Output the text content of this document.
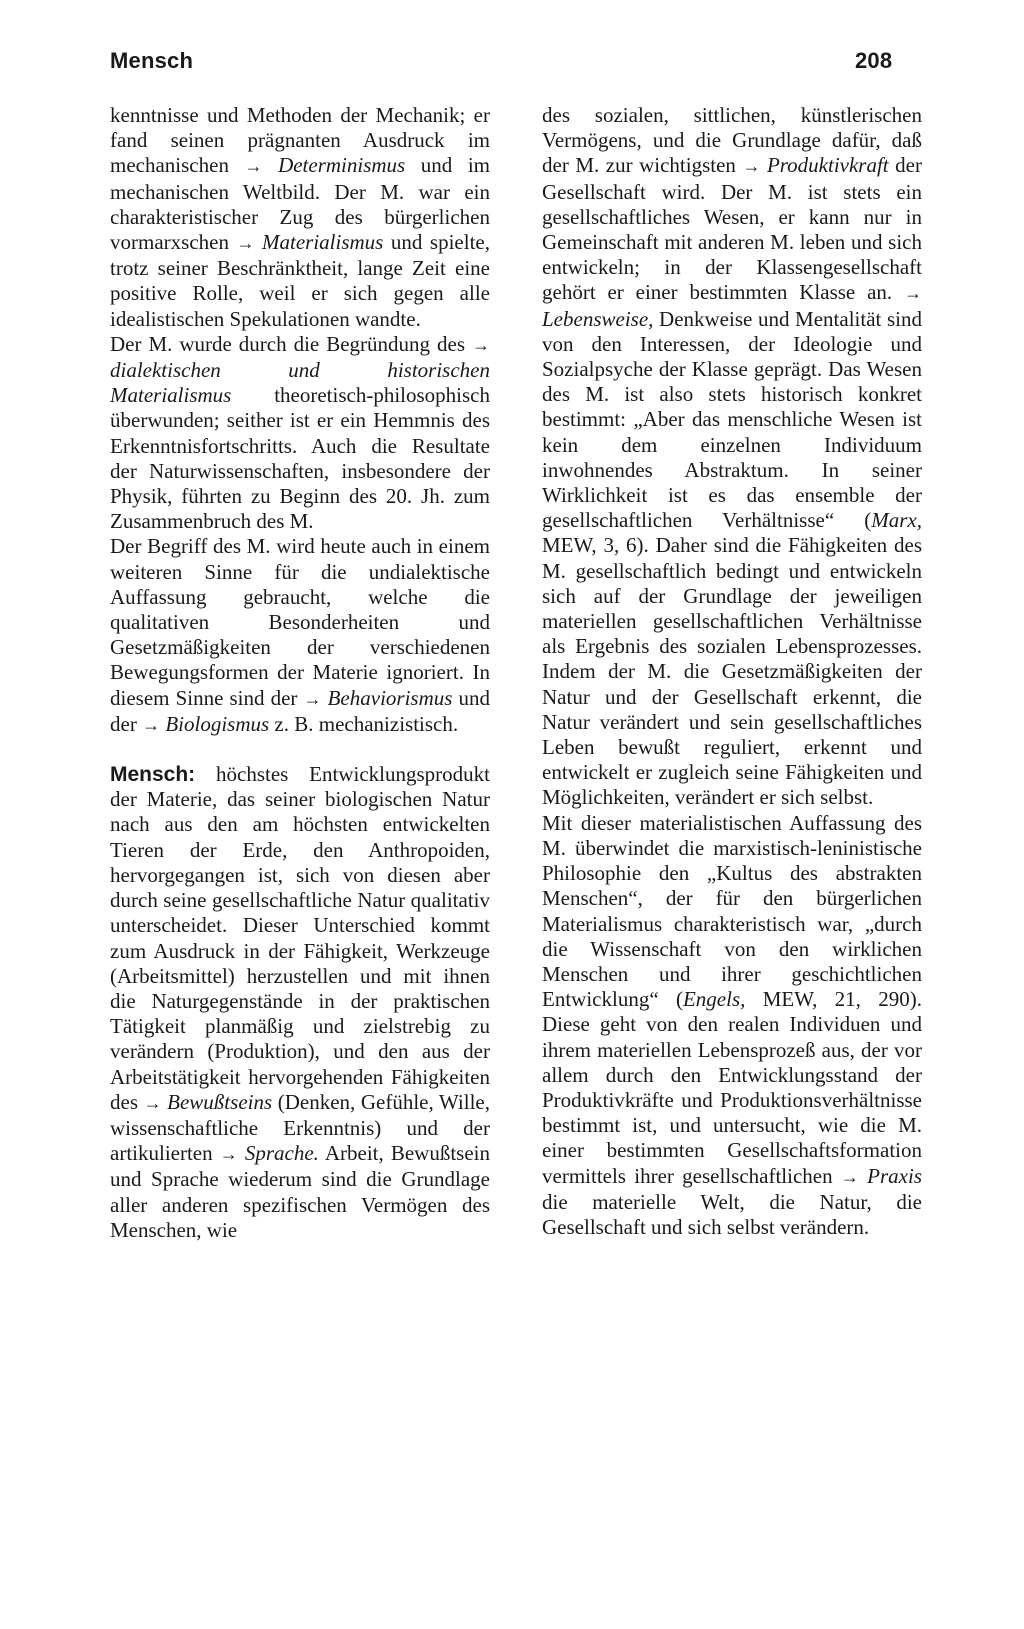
Mensch	208

kenntnisse und Methoden der Mechanik; er fand seinen prägnanten Ausdruck im mechanischen → Determinismus und im mechanischen Weltbild. Der M. war ein charakteristischer Zug des bürgerlichen vormarxschen → Materialismus und spielte, trotz seiner Beschränktheit, lange Zeit eine positive Rolle, weil er sich gegen alle idealistischen Spekulationen wandte.

Der M. wurde durch die Begründung des → dialektischen und historischen Materialismus theoretisch-philosophisch überwunden; seither ist er ein Hemmnis des Erkenntnisfortschritts. Auch die Resultate der Naturwissenschaften, insbesondere der Physik, führten zu Beginn des 20. Jh. zum Zusammenbruch des M.

Der Begriff des M. wird heute auch in einem weiteren Sinne für die undialektische Auffassung gebraucht, welche die qualitativen Besonderheiten und Gesetzmäßigkeiten der verschiedenen Bewegungsformen der Materie ignoriert. In diesem Sinne sind der → Behaviorismus und der → Biologismus z. B. mechanizistisch.

Mensch: höchstes Entwicklungsprodukt der Materie, das seiner biologischen Natur nach aus den am höchsten entwickelten Tieren der Erde, den Anthropoiden, hervorgegangen ist, sich von diesen aber durch seine gesellschaftliche Natur qualitativ unterscheidet. Dieser Unterschied kommt zum Ausdruck in der Fähigkeit, Werkzeuge (Arbeitsmittel) herzustellen und mit ihnen die Naturgegenstände in der praktischen Tätigkeit planmäßig und zielstrebig zu verändern (Produktion), und den aus der Arbeitstätigkeit hervorgehenden Fähigkeiten des → Bewußtseins (Denken, Gefühle, Wille, wissenschaftliche Erkenntnis) und der artikulierten → Sprache. Arbeit, Bewußtsein und Sprache wiederum sind die Grundlage aller anderen spezifischen Vermögen des Menschen, wie

des sozialen, sittlichen, künstlerischen Vermögens, und die Grundlage dafür, daß der M. zur wichtigsten → Produktivkraft der Gesellschaft wird. Der M. ist stets ein gesellschaftliches Wesen, er kann nur in Gemeinschaft mit anderen M. leben und sich entwickeln; in der Klassengesellschaft gehört er einer bestimmten Klasse an. → Lebensweise, Denkweise und Mentalität sind von den Interessen, der Ideologie und Sozialpsyche der Klasse geprägt. Das Wesen des M. ist also stets historisch konkret bestimmt: „Aber das menschliche Wesen ist kein dem einzelnen Individuum inwohnendes Abstraktum. In seiner Wirklichkeit ist es das ensemble der gesellschaftlichen Verhältnisse“ (Marx, MEW, 3, 6). Daher sind die Fähigkeiten des M. gesellschaftlich bedingt und entwickeln sich auf der Grundlage der jeweiligen materiellen gesellschaftlichen Verhältnisse als Ergebnis des sozialen Lebensprozesses. Indem der M. die Gesetzmäßigkeiten der Natur und der Gesellschaft erkennt, die Natur verändert und sein gesellschaftliches Leben bewußt reguliert, erkennt und entwickelt er zugleich seine Fähigkeiten und Möglichkeiten, verändert er sich selbst.

Mit dieser materialistischen Auffassung des M. überwindet die marxistisch-leninistische Philosophie den „Kultus des abstrakten Menschen“, der für den bürgerlichen Materialismus charakteristisch war, „durch die Wissenschaft von den wirklichen Menschen und ihrer geschichtlichen Entwicklung“ (Engels, MEW, 21, 290). Diese geht von den realen Individuen und ihrem materiellen Lebensprozeß aus, der vor allem durch den Entwicklungsstand der Produktivkräfte und Produktionsverhältnisse bestimmt ist, und untersucht, wie die M. einer bestimmten Gesellschaftsformation vermittels ihrer gesellschaftlichen → Praxis die materielle Welt, die Natur, die Gesellschaft und sich selbst verändern.
